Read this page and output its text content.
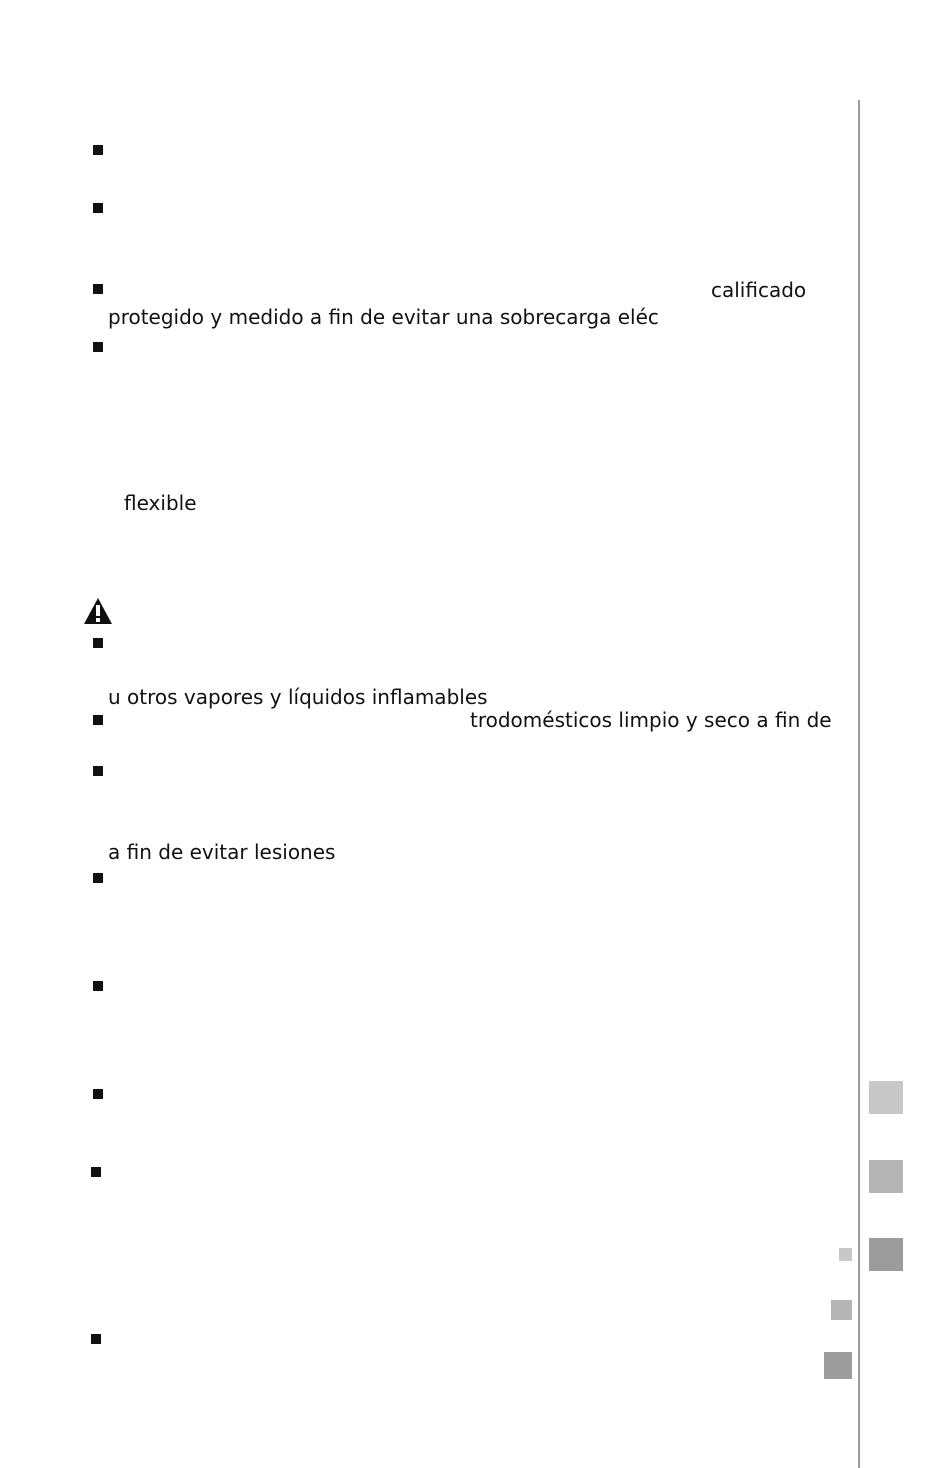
calificado
protegido y medido a fin de evitar una sobrecarga eléc
flexible
u otros vapores y líquidos inflamables
trodomésticos limpio y seco a fin de
a fin de evitar lesiones
